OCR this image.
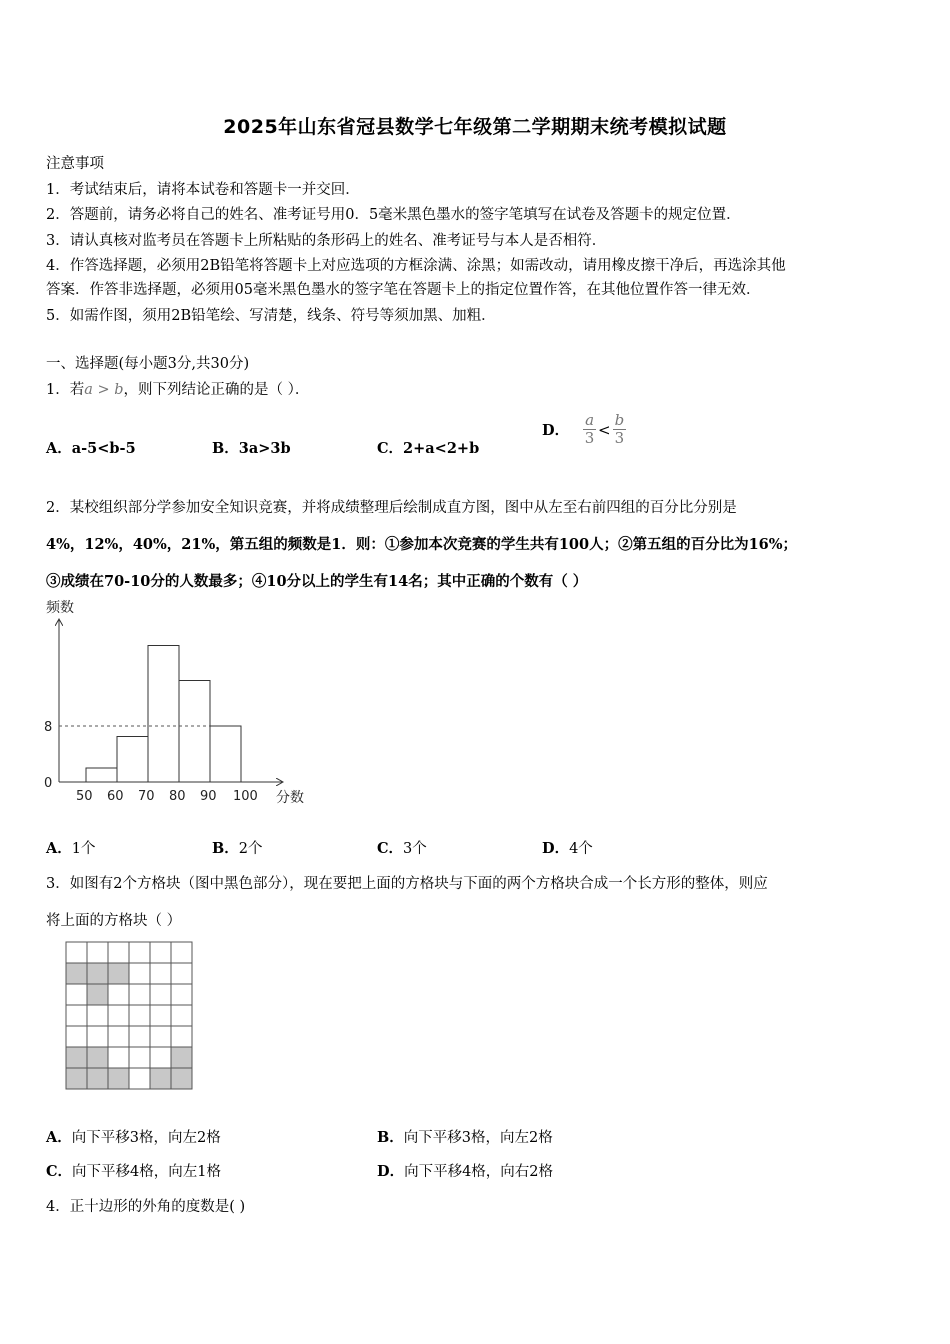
2025年山东省冠县数学七年级第二学期期末统考模拟试题
注意事项
1．考试结束后，请将本试卷和答题卡一并交回．
2．答题前，请务必将自己的姓名、准考证号用0．5毫米黑色墨水的签字笔填写在试卷及答题卡的规定位置．
3．请认真核对监考员在答题卡上所粘贴的条形码上的姓名、准考证号与本人是否相符．
4．作答选择题，必须用2B铅笔将答题卡上对应选项的方框涂满、涂黑；如需改动，请用橡皮擦干净后，再选涂其他
答案．作答非选择题，必须用05毫米黑色墨水的签字笔在答题卡上的指定位置作答，在其他位置作答一律无效．
5．如需作图，须用2B铅笔绘、写清楚，线条、符号等须加黑、加粗．
一、选择题(每小题3分,共30分)
1．若a > b，则下列结论正确的是（ ）．
A．a-5<b-5	B．3a>3b	C．2+a<2+b
D． $\frac{a}{3} < \frac{b}{3}$
2．某校组织部分学参加安全知识竞赛，并将成绩整理后绘制成直方图，图中从左至右前四组的百分比分别是
4%，12%，40%，21%，第五组的频数是1．则：①参加本次竞赛的学生共有100人；②第五组的百分比为16%；
③成绩在70-10分的人数最多；④10分以上的学生有14名；其中正确的个数有（ ）
50 60 70 80 90 100
0
8
频数
分数
A．1个	B．2个	C．3个	D．4个
3．如图有2个方格块（图中黑色部分），现在要把上面的方格块与下面的两个方格块合成一个长方形的整体，则应
将上面的方格块（ ）
A．向下平移3格，向左2格	B．向下平移3格，向左2格
C．向下平移4格，向左1格	D．向下平移4格，向右2格
4．正十边形的外角的度数是( )
